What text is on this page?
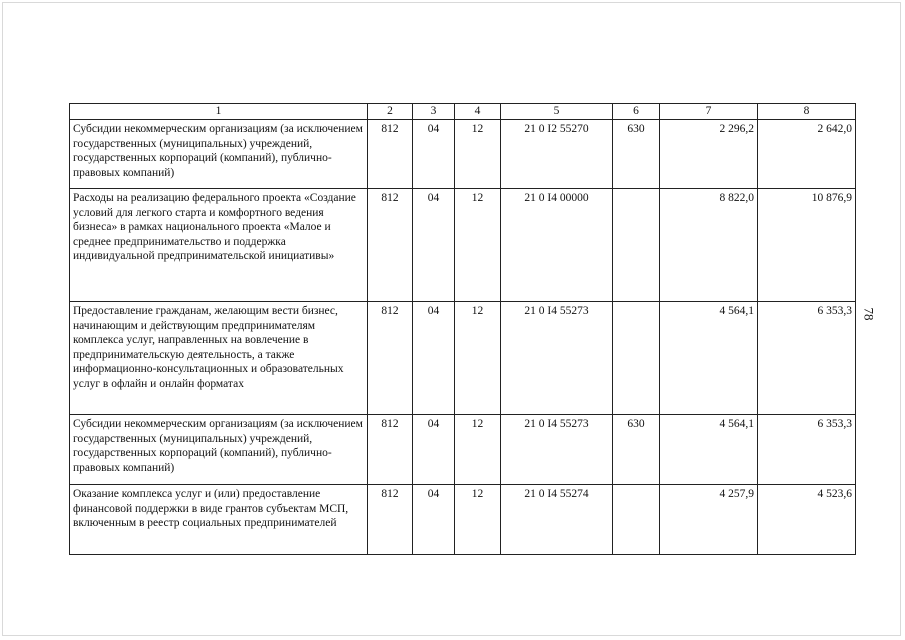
1	2	3	4	5	6	7	8
Субсидии некоммерческим организациям (за исключением государственных (муниципальных) учреждений, государственных корпораций (компаний), публично-правовых компаний)	812	04	12	21 0 I2 55270	630	2 296,2	2 642,0
Расходы на реализацию федерального проекта «Создание условий для легкого старта и комфортного ведения бизнеса» в рамках национального проекта «Малое и среднее предпринимательство и поддержка индивидуальной предпринимательской инициативы»	812	04	12	21 0 I4 00000		8 822,0	10 876,9
Предоставление гражданам, желающим вести бизнес, начинающим и действующим предпринимателям комплекса услуг, направленных на вовлечение в предпринимательскую деятельность, а также информационно-консультационных и образовательных услуг в офлайн и онлайн форматах	812	04	12	21 0 I4 55273		4 564,1	6 353,3
Субсидии некоммерческим организациям (за исключением государственных (муниципальных) учреждений, государственных корпораций (компаний), публично-правовых компаний)	812	04	12	21 0 I4 55273	630	4 564,1	6 353,3
Оказание комплекса услуг и (или) предоставление финансовой поддержки в виде грантов субъектам МСП, включенным в реестр социальных предпринимателей	812	04	12	21 0 I4 55274		4 257,9	4 523,6
78
